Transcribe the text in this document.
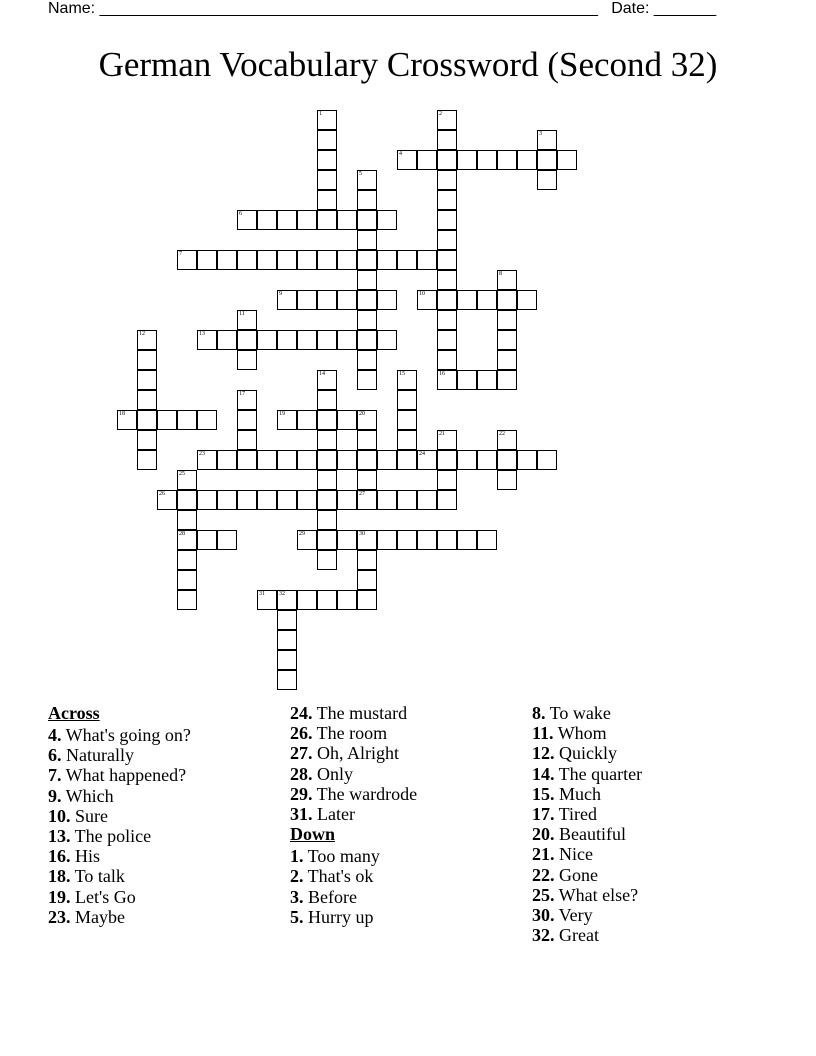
Name: ________________________________________________________   Date: _______
German Vocabulary Crossword (Second 32)
4
6
7
9	10
13
16
18	19
23	24
26	27
28	29	30
31 32
1	2
3
5
8
11
12
14	15
17
20
21	22
25
Across
4. What's going on?
6. Naturally
7. What happened?
9. Which
10. Sure
13. The police
16. His
18. To talk
19. Let's Go
23. Maybe
24. The mustard
26. The room
27. Oh, Alright
28. Only
29. The wardrode
31. Later
Down
1. Too many
2. That's ok
3. Before
5. Hurry up
8. To wake
11. Whom
12. Quickly
14. The quarter
15. Much
17. Tired
20. Beautiful
21. Nice
22. Gone
25. What else?
30. Very
32. Great
